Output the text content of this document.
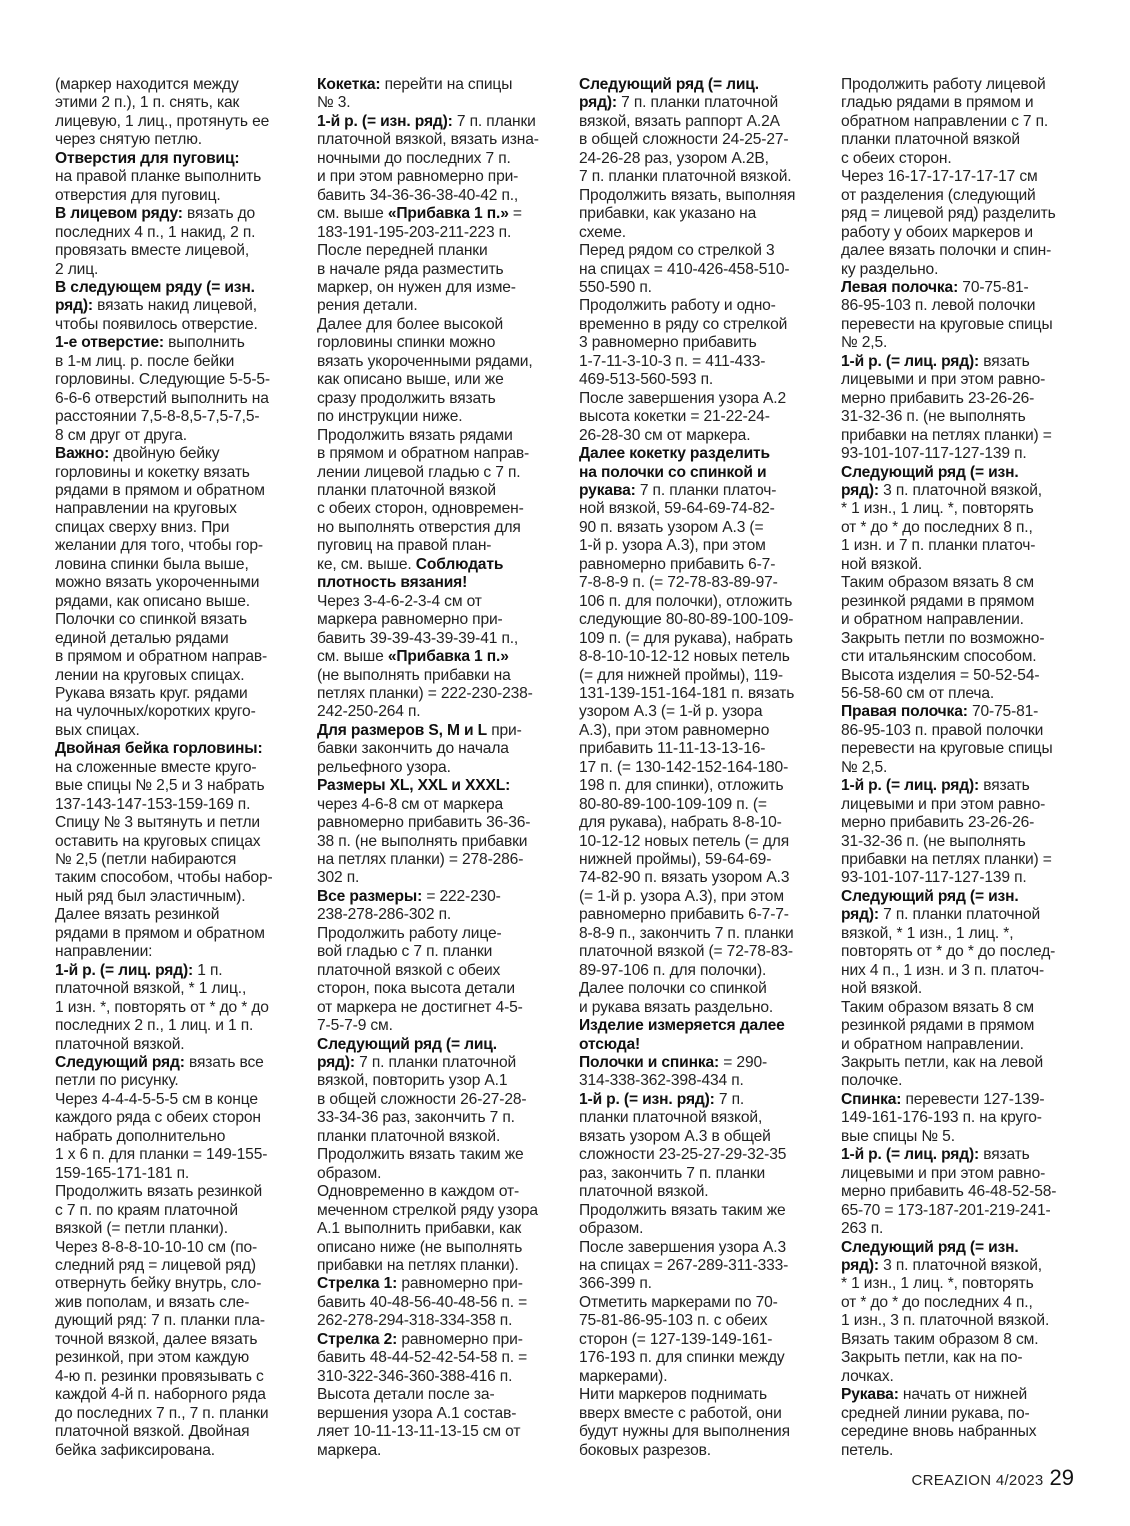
(маркер находится между
этими 2 п.), 1 п. снять, как
лицевую, 1 лиц., протянуть ее
через снятую петлю.
Отверстия для пуговиц:
на правой планке выполнить
отверстия для пуговиц.
В лицевом ряду: вязать до
последних 4 п., 1 накид, 2 п.
провязать вместе лицевой,
2 лиц.
В следующем ряду (= изн.
ряд): вязать накид лицевой,
чтобы появилось отверстие.
1-е отверстие: выполнить
в 1-м лиц. р. после бейки
горловины. Следующие 5-5-5-
6-6-6 отверстий выполнить на
расстоянии 7,5-8-8,5-7,5-7,5-
8 см друг от друга.
Важно: двойную бейку
горловины и кокетку вязать
рядами в прямом и обратном
направлении на круговых
спицах сверху вниз. При
желании для того, чтобы гор-
ловина спинки была выше,
можно вязать укороченными
рядами, как описано выше.
Полочки со спинкой вязать
единой деталью рядами
в прямом и обратном направ-
лении на круговых спицах.
Рукава вязать круг. рядами
на чулочных/коротких круго-
вых спицах.
Двойная бейка горловины:
на сложенные вместе круго-
вые спицы № 2,5 и 3 набрать
137-143-147-153-159-169 п.
Спицу № 3 вытянуть и петли
оставить на круговых спицах
№ 2,5 (петли набираются
таким способом, чтобы набор-
ный ряд был эластичным).
Далее вязать резинкой
рядами в прямом и обратном
направлении:
1-й р. (= лиц. ряд): 1 п.
платочной вязкой, * 1 лиц.,
1 изн. *, повторять от * до * до
последних 2 п., 1 лиц. и 1 п.
платочной вязкой.
Следующий ряд: вязать все
петли по рисунку.
Через 4-4-4-5-5-5 см в конце
каждого ряда с обеих сторон
набрать дополнительно
1 x 6 п. для планки = 149-155-
159-165-171-181 п.
Продолжить вязать резинкой
с 7 п. по краям платочной
вязкой (= петли планки).
Через 8-8-8-10-10-10 см (по-
следний ряд = лицевой ряд)
отвернуть бейку внутрь, сло-
жив пополам, и вязать сле-
дующий ряд: 7 п. планки пла-
точной вязкой, далее вязать
резинкой, при этом каждую
4-ю п. резинки провязывать с
каждой 4-й п. наборного ряда
до последних 7 п., 7 п. планки
платочной вязкой. Двойная
бейка зафиксирована.
Кокетка: перейти на спицы
№ 3.
1-й р. (= изн. ряд): 7 п. планки
платочной вязкой, вязать изна-
ночными до последних 7 п.
и при этом равномерно при-
бавить 34-36-36-38-40-42 п.,
см. выше «Прибавка 1 п.» =
183-191-195-203-211-223 п.
После передней планки
в начале ряда разместить
маркер, он нужен для изме-
рения детали.
Далее для более высокой
горловины спинки можно
вязать укороченными рядами,
как описано выше, или же
сразу продолжить вязать
по инструкции ниже.
Продолжить вязать рядами
в прямом и обратном направ-
лении лицевой гладью с 7 п.
планки платочной вязкой
с обеих сторон, одновремен-
но выполнять отверстия для
пуговиц на правой план-
ке, см. выше. Соблюдать
плотность вязания!
Через 3-4-6-2-3-4 см от
маркера равномерно при-
бавить 39-39-43-39-39-41 п.,
см. выше «Прибавка 1 п.»
(не выполнять прибавки на
петлях планки) = 222-230-238-
242-250-264 п.
Для размеров S, M и L при-
бавки закончить до начала
рельефного узора.
Размеры XL, XXL и XXXL:
через 4-6-8 см от маркера
равномерно прибавить 36-36-
38 п. (не выполнять прибавки
на петлях планки) = 278-286-
302 п.
Все размеры: = 222-230-
238-278-286-302 п.
Продолжить работу лице-
вой гладью с 7 п. планки
платочной вязкой с обеих
сторон, пока высота детали
от маркера не достигнет 4-5-
7-5-7-9 см.
Следующий ряд (= лиц.
ряд): 7 п. планки платочной
вязкой, повторить узор А.1
в общей сложности 26-27-28-
33-34-36 раз, закончить 7 п.
планки платочной вязкой.
Продолжить вязать таким же
образом.
Одновременно в каждом от-
меченном стрелкой ряду узора
А.1 выполнить прибавки, как
описано ниже (не выполнять
прибавки на петлях планки).
Стрелка 1: равномерно при-
бавить 40-48-56-40-48-56 п. =
262-278-294-318-334-358 п.
Стрелка 2: равномерно при-
бавить 48-44-52-42-54-58 п. =
310-322-346-360-388-416 п.
Высота детали после за-
вершения узора А.1 состав-
ляет 10-11-13-11-13-15 см от
маркера.
Следующий ряд (= лиц.
ряд): 7 п. планки платочной
вязкой, вязать раппорт А.2А
в общей сложности 24-25-27-
24-26-28 раз, узором А.2В,
7 п. планки платочной вязкой.
Продолжить вязать, выполняя
прибавки, как указано на
схеме.
Перед рядом со стрелкой 3
на спицах = 410-426-458-510-
550-590 п.
Продолжить работу и одно-
временно в ряду со стрелкой
3 равномерно прибавить
1-7-11-3-10-3 п. = 411-433-
469-513-560-593 п.
После завершения узора А.2
высота кокетки = 21-22-24-
26-28-30 см от маркера.
Далее кокетку разделить
на полочки со спинкой и
рукава: 7 п. планки платоч-
ной вязкой, 59-64-69-74-82-
90 п. вязать узором А.3 (=
1-й р. узора А.3), при этом
равномерно прибавить 6-7-
7-8-8-9 п. (= 72-78-83-89-97-
106 п. для полочки), отложить
следующие 80-80-89-100-109-
109 п. (= для рукава), набрать
8-8-10-10-12-12 новых петель
(= для нижней проймы), 119-
131-139-151-164-181 п. вязать
узором А.3 (= 1-й р. узора
А.3), при этом равномерно
прибавить 11-11-13-13-16-
17 п. (= 130-142-152-164-180-
198 п. для спинки), отложить
80-80-89-100-109-109 п. (=
для рукава), набрать 8-8-10-
10-12-12 новых петель (= для
нижней проймы), 59-64-69-
74-82-90 п. вязать узором А.3
(= 1-й р. узора А.3), при этом
равномерно прибавить 6-7-7-
8-8-9 п., закончить 7 п. планки
платочной вязкой (= 72-78-83-
89-97-106 п. для полочки).
Далее полочки со спинкой
и рукава вязать раздельно.
Изделие измеряется далее
отсюда!
Полочки и спинка: = 290-
314-338-362-398-434 п.
1-й р. (= изн. ряд): 7 п.
планки платочной вязкой,
вязать узором А.3 в общей
сложности 23-25-27-29-32-35
раз, закончить 7 п. планки
платочной вязкой.
Продолжить вязать таким же
образом.
После завершения узора А.3
на спицах = 267-289-311-333-
366-399 п.
Отметить маркерами по 70-
75-81-86-95-103 п. с обеих
сторон (= 127-139-149-161-
176-193 п. для спинки между
маркерами).
Нити маркеров поднимать
вверх вместе с работой, они
будут нужны для выполнения
боковых разрезов.
Продолжить работу лицевой
гладью рядами в прямом и
обратном направлении с 7 п.
планки платочной вязкой
с обеих сторон.
Через 16-17-17-17-17-17 см
от разделения (следующий
ряд = лицевой ряд) разделить
работу у обоих маркеров и
далее вязать полочки и спин-
ку раздельно.
Левая полочка: 70-75-81-
86-95-103 п. левой полочки
перевести на круговые спицы
№ 2,5.
1-й р. (= лиц. ряд): вязать
лицевыми и при этом равно-
мерно прибавить 23-26-26-
31-32-36 п. (не выполнять
прибавки на петлях планки) =
93-101-107-117-127-139 п.
Следующий ряд (= изн.
ряд): 3 п. платочной вязкой,
* 1 изн., 1 лиц. *, повторять
от * до * до последних 8 п.,
1 изн. и 7 п. планки платоч-
ной вязкой.
Таким образом вязать 8 см
резинкой рядами в прямом
и обратном направлении.
Закрыть петли по возможно-
сти итальянским способом.
Высота изделия = 50-52-54-
56-58-60 см от плеча.
Правая полочка: 70-75-81-
86-95-103 п. правой полочки
перевести на круговые спицы
№ 2,5.
1-й р. (= лиц. ряд): вязать
лицевыми и при этом равно-
мерно прибавить 23-26-26-
31-32-36 п. (не выполнять
прибавки на петлях планки) =
93-101-107-117-127-139 п.
Следующий ряд (= изн.
ряд): 7 п. планки платочной
вязкой, * 1 изн., 1 лиц. *,
повторять от * до * до послед-
них 4 п., 1 изн. и 3 п. платоч-
ной вязкой.
Таким образом вязать 8 см
резинкой рядами в прямом
и обратном направлении.
Закрыть петли, как на левой
полочке.
Спинка: перевести 127-139-
149-161-176-193 п. на круго-
вые спицы № 5.
1-й р. (= лиц. ряд): вязать
лицевыми и при этом равно-
мерно прибавить 46-48-52-58-
65-70 = 173-187-201-219-241-
263 п.
Следующий ряд (= изн.
ряд): 3 п. платочной вязкой,
* 1 изн., 1 лиц. *, повторять
от * до * до последних 4 п.,
1 изн., 3 п. платочной вязкой.
Вязать таким образом 8 см.
Закрыть петли, как на по-
лочках.
Рукава: начать от нижней
средней линии рукава, по-
середине вновь набранных
петель.
CREAZION 4/2023 29
